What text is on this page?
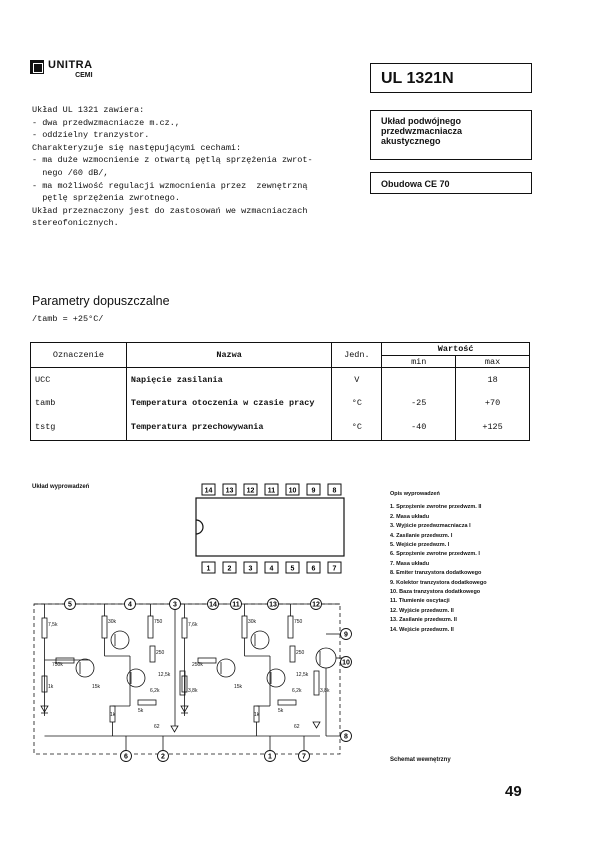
UNITRA
CEMI	UL 1321N
Układ podwójnego
przedwzmacniacza
akustycznego
Obudowa CE 70
Układ UL 1321 zawiera:
- dwa przedwzmacniacze m.cz.,
- oddzielny tranzystor.
Charakteryzuje się następującymi cechami:
- ma duże wzmocnienie z otwartą pętlą sprzężenia zwrot-
nego /60 dB/,
- ma możliwość regulacji wzmocnienia przez  zewnętrzną
pętlę sprzężenia zwrotnego.
Układ przeznaczony jest do zastosowań we wzmacniaczach
stereofonicznych.
Parametry dopuszczalne
/tamb = +25°C/
Oznaczenie	Nazwa	Jedn.	Wartość	
			min	max
UCC	Napięcie zasilania	V		18
tamb	Temperatura otoczenia w czasie pracy	°C	-25	+70
tstg	Temperatura przechowywania	°C	-40	+125
Układ wyprowadzeń
14 13 12 11 10 9 8
1 2 3 4 5 6 7
Opis wyprowadzeń
1. Sprzężenie zwrotne przedwzm. II
2. Masa układu
3. Wyjście przedwzmacniacza I
4. Zasilanie przedwzm. I
5. Wejście przedwzm. I
6. Sprzężenie zwrotne przedwzm. I
7. Masa układu
8. Emiter tranzystora dodatkowego
9. Kolektor tranzystora dodatkowego
10. Baza tranzystora dodatkowego
11. Tłumienie oscytacji
12. Wyjście przedwzm. II
13. Zasilanie przedwzm. II
14. Wejście przedwzm. II
5	4	3	14 11	13	12
6	2	1	7
9
10
8
7,5k	30k	750
250
750k
15k
12,5k
1k
6,2k
5k
62
3,8k
7,6k	30k	750
250
250k
15k
12,5k
1k
6,2k
5k
62
3,8k
1k
Schemat wewnętrzny
49
